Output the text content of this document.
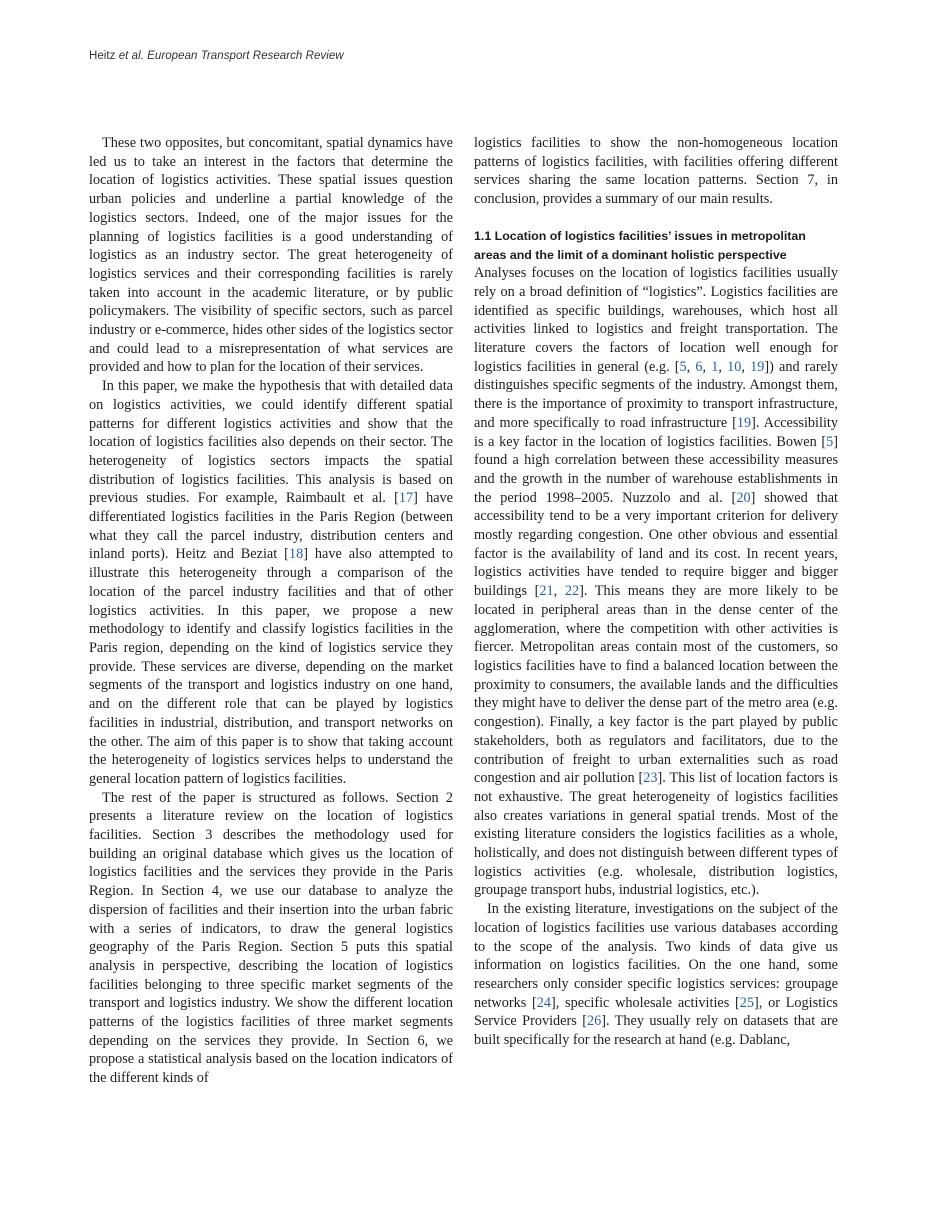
Heitz et al. European Transport Research Review

These two opposites, but concomitant, spatial dynamics have led us to take an interest in the factors that determine the location of logistics activities. These spatial issues question urban policies and underline a partial knowledge of the logistics sectors. Indeed, one of the major issues for the planning of logistics facilities is a good understanding of logistics as an industry sector. The great heterogeneity of logistics services and their corresponding facilities is rarely taken into account in the academic literature, or by public policymakers. The visibility of specific sectors, such as parcel industry or e-commerce, hides other sides of the logistics sector and could lead to a misrepresentation of what services are provided and how to plan for the location of their services.

In this paper, we make the hypothesis that with detailed data on logistics activities, we could identify different spatial patterns for different logistics activities and show that the location of logistics facilities also depends on their sector. The heterogeneity of logistics sectors impacts the spatial distribution of logistics facilities. This analysis is based on previous studies. For example, Raimbault et al. [17] have differentiated logistics facilities in the Paris Region (between what they call the parcel industry, distribution centers and inland ports). Heitz and Beziat [18] have also attempted to illustrate this heterogeneity through a comparison of the location of the parcel industry facilities and that of other logistics activities. In this paper, we propose a new methodology to identify and classify logistics facilities in the Paris region, depending on the kind of logistics service they provide. These services are diverse, depending on the market segments of the transport and logistics industry on one hand, and on the different role that can be played by logistics facilities in industrial, distribution, and transport networks on the other. The aim of this paper is to show that taking account the heterogeneity of logistics services helps to understand the general location pattern of logistics facilities.

The rest of the paper is structured as follows. Section 2 presents a literature review on the location of logistics facilities. Section 3 describes the methodology used for building an original database which gives us the location of logistics facilities and the services they provide in the Paris Region. In Section 4, we use our database to analyze the dispersion of facilities and their insertion into the urban fabric with a series of indicators, to draw the general logistics geography of the Paris Region. Section 5 puts this spatial analysis in perspective, describing the location of logistics facilities belonging to three specific market segments of the transport and logistics industry. We show the different location patterns of the logistics facilities of three market segments depending on the services they provide. In Section 6, we propose a statistical analysis based on the location indicators of the different kinds of

logistics facilities to show the non-homogeneous location patterns of logistics facilities, with facilities offering different services sharing the same location patterns. Section 7, in conclusion, provides a summary of our main results.

1.1 Location of logistics facilities’ issues in metropolitan areas and the limit of a dominant holistic perspective

Analyses focuses on the location of logistics facilities usually rely on a broad definition of “logistics”. Logistics facilities are identified as specific buildings, warehouses, which host all activities linked to logistics and freight transportation. The literature covers the factors of location well enough for logistics facilities in general (e.g. [5, 6, 1, 10, 19]) and rarely distinguishes specific segments of the industry. Amongst them, there is the importance of proximity to transport infrastructure, and more specifically to road infrastructure [19]. Accessibility is a key factor in the location of logistics facilities. Bowen [5] found a high correlation between these accessibility measures and the growth in the number of warehouse establishments in the period 1998–2005. Nuzzolo and al. [20] showed that accessibility tend to be a very important criterion for delivery mostly regarding congestion. One other obvious and essential factor is the availability of land and its cost. In recent years, logistics activities have tended to require bigger and bigger buildings [21, 22]. This means they are more likely to be located in peripheral areas than in the dense center of the agglomeration, where the competition with other activities is fiercer. Metropolitan areas contain most of the customers, so logistics facilities have to find a balanced location between the proximity to consumers, the available lands and the difficulties they might have to deliver the dense part of the metro area (e.g. congestion). Finally, a key factor is the part played by public stakeholders, both as regulators and facilitators, due to the contribution of freight to urban externalities such as road congestion and air pollution [23]. This list of location factors is not exhaustive. The great heterogeneity of logistics facilities also creates variations in general spatial trends. Most of the existing literature considers the logistics facilities as a whole, holistically, and does not distinguish between different types of logistics activities (e.g. wholesale, distribution logistics, groupage transport hubs, industrial logistics, etc.).

In the existing literature, investigations on the subject of the location of logistics facilities use various databases according to the scope of the analysis. Two kinds of data give us information on logistics facilities. On the one hand, some researchers only consider specific logistics services: groupage networks [24], specific wholesale activities [25], or Logistics Service Providers [26]. They usually rely on datasets that are built specifically for the research at hand (e.g. Dablanc,
